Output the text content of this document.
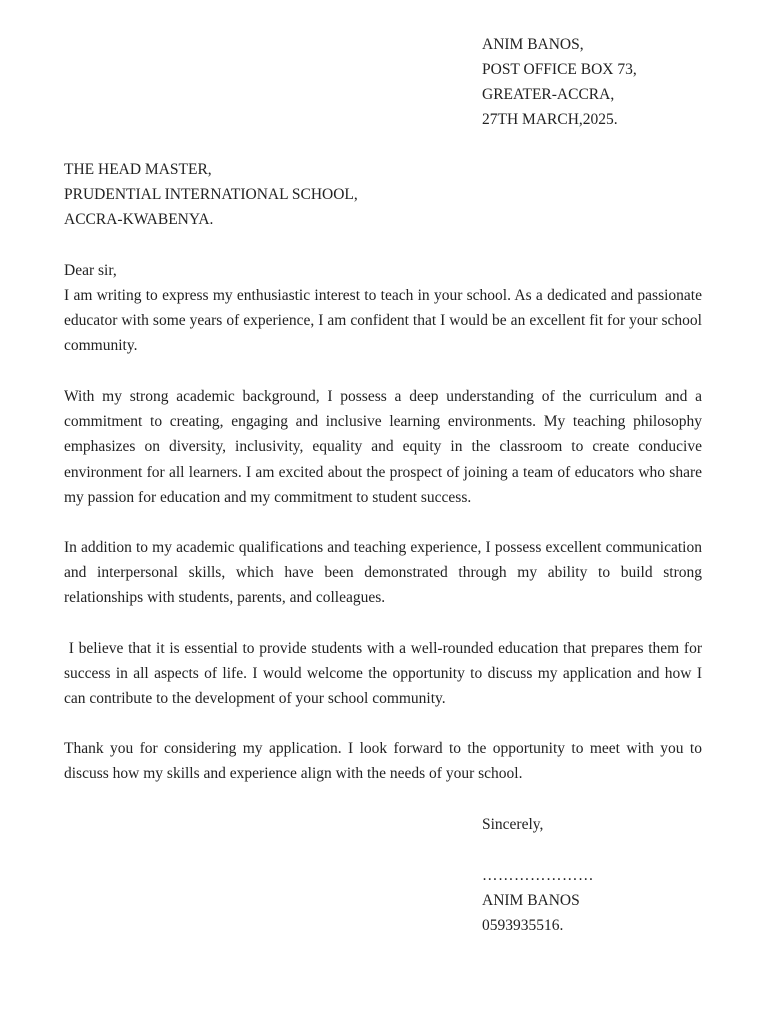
ANIM BANOS,
POST OFFICE BOX 73,
GREATER-ACCRA,
27TH MARCH,2025.
THE HEAD MASTER,
PRUDENTIAL INTERNATIONAL SCHOOL,
ACCRA-KWABENYA.
Dear sir,
I am writing to express my enthusiastic interest to teach in your school. As a dedicated and passionate educator with some years of experience, I am confident that I would be an excellent fit for your school community.
With my strong academic background, I possess a deep understanding of the curriculum and a commitment to creating, engaging and inclusive learning environments. My teaching philosophy emphasizes on diversity, inclusivity, equality and equity in the classroom to create conducive environment for all learners. I am excited about the prospect of joining a team of educators who share my passion for education and my commitment to student success.
In addition to my academic qualifications and teaching experience, I possess excellent communication and interpersonal skills, which have been demonstrated through my ability to build strong relationships with students, parents, and colleagues.
I believe that it is essential to provide students with a well-rounded education that prepares them for success in all aspects of life. I would welcome the opportunity to discuss my application and how I can contribute to the development of your school community.
Thank you for considering my application. I look forward to the opportunity to meet with you to discuss how my skills and experience align with the needs of your school.
Sincerely,
…………………
ANIM BANOS
0593935516.
